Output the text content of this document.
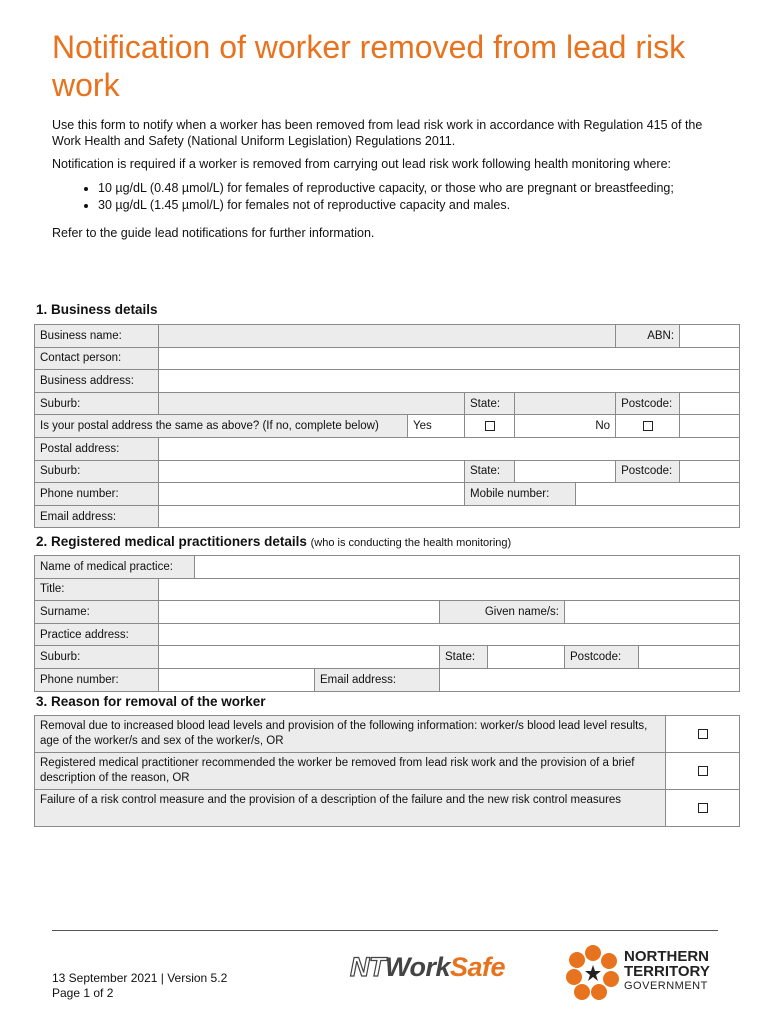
Notification of worker removed from lead risk work

Use this form to notify when a worker has been removed from lead risk work in accordance with Regulation 415 of the Work Health and Safety (National Uniform Legislation) Regulations 2011.

Notification is required if a worker is removed from carrying out lead risk work following health monitoring where:

• 10 µg/dL (0.48 µmol/L) for females of reproductive capacity, or those who are pregnant or breastfeeding;
• 30 µg/dL (1.45 µmol/L) for females not of reproductive capacity and males.

Refer to the guide lead notifications for further information.

1. Business details
Business name:						ABN:	
Contact person:							
Business address:							
Suburb:			State:			Postcode:	
Is your postal address the same as above? (If no, complete below)		Yes		No			
Postal address:							
Suburb:			State:			Postcode:	
Phone number:			Mobile number:				
Email address:							
2. Registered medical practitioners details (who is conducting the health monitoring)
Name of medical practice:							
Title:							
Surname:				Given name/s:			
Practice address:							
Suburb:				State:		Postcode:	
Phone number:			Email address:				
3. Reason for removal of the worker
Removal due to increased blood lead levels and provision of the following information: worker/s blood lead level results, age of the worker/s and sex of the worker/s, OR	
Registered medical practitioner recommended the worker be removed from lead risk work and the provision of a brief description of the reason, OR	
Failure of a risk control measure and the provision of a description of the failure and the new risk control measures	
13 September 2021 | Version 5.2
Page 1 of 2
NTWorkSafe	NORTHERN
TERRITORY
GOVERNMENT
